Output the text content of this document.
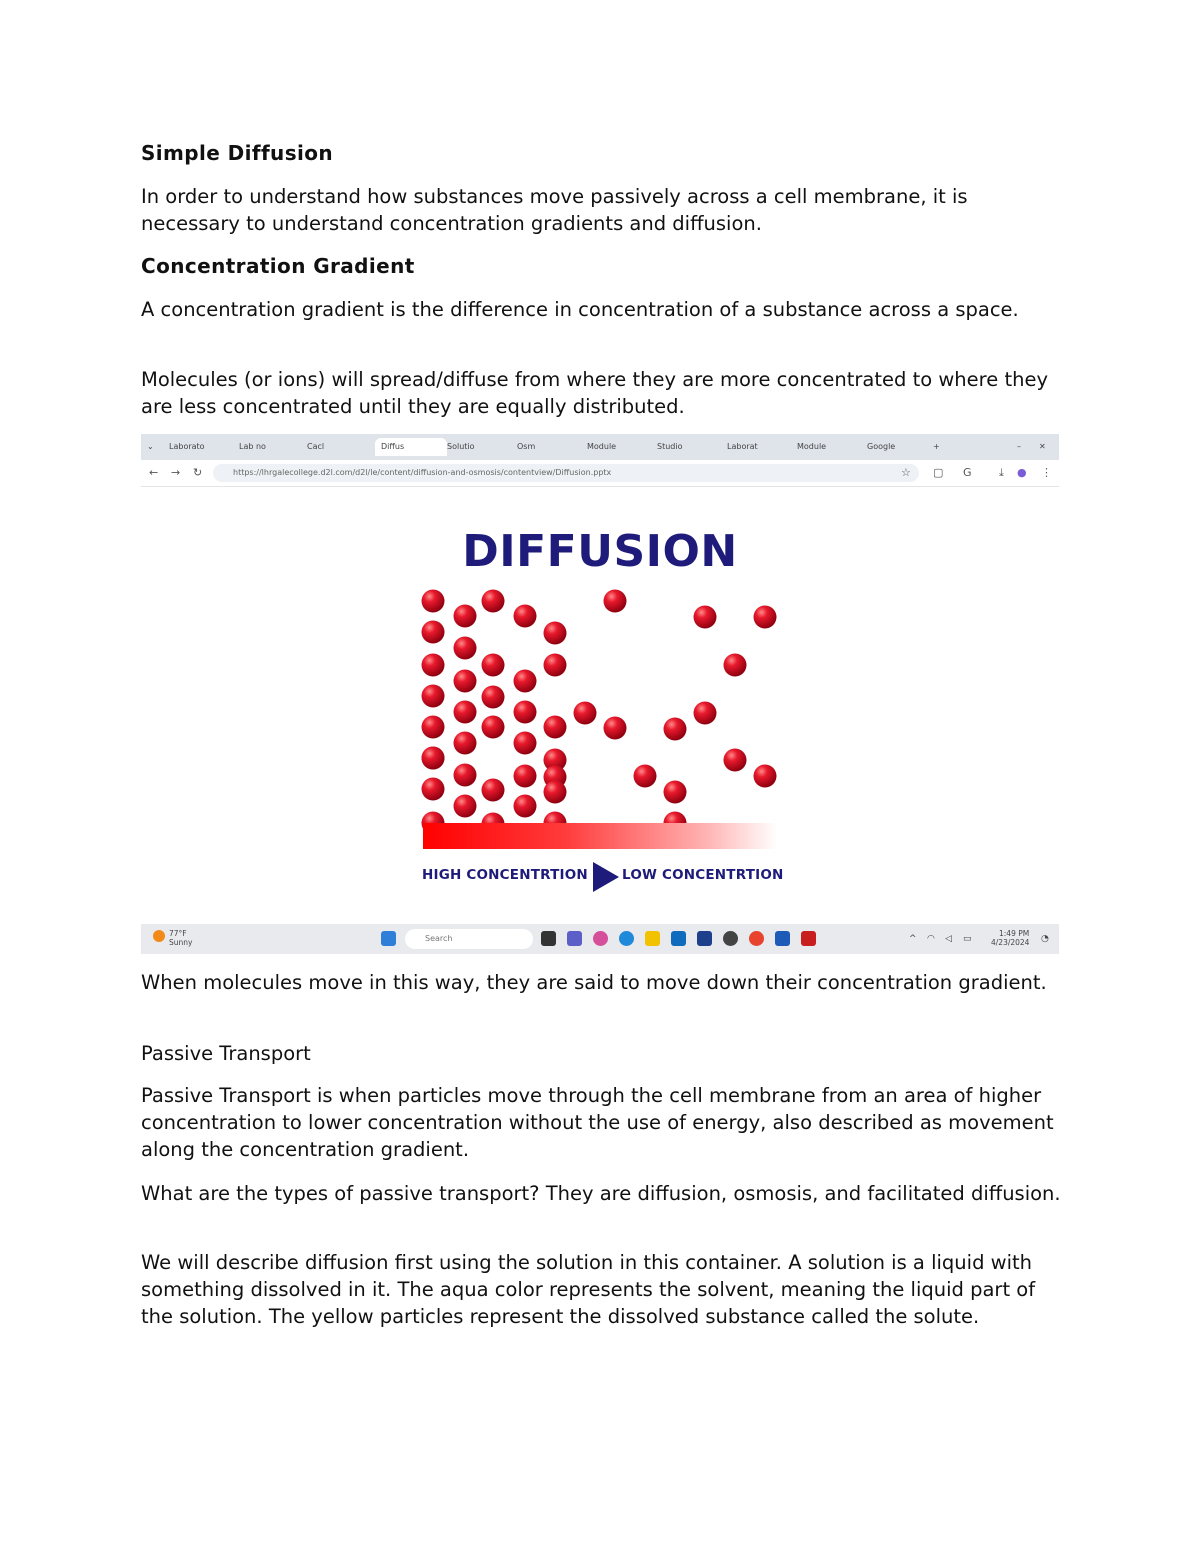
Simple Diffusion
In order to understand how substances move passively across a cell membrane, it is necessary to understand concentration gradients and diffusion.
Concentration Gradient
A concentration gradient is the difference in concentration of a substance across a space.
Molecules (or ions) will spread/diffuse from where they are more concentrated to where they are less concentrated until they are equally distributed.
⌄	Laborato	Lab no	Cacl	Diffus	Solutio	Osm	Module	Studio	Laborat	Module	Google	+	–	✕
← → ↻	https://lhrgalecollege.d2l.com/d2l/le/content/diffusion-and-osmosis/contentview/Diffusion.pptx	☆ ▢ G ⤓ ● ⋮
DIFFUSION
HIGH CONCENTRTION	LOW CONCENTRTION
77°F
Sunny	Search	^ ◠ ◁ ▭
1:49 PM
4/23/2024 ◔
When molecules move in this way, they are said to move down their concentration gradient.
Passive Transport
Passive Transport is when particles move through the cell membrane from an area of higher concentration to lower concentration without the use of energy, also described as movement along the concentration gradient.
What are the types of passive transport? They are diffusion, osmosis, and facilitated diffusion.
We will describe diffusion first using the solution in this container. A solution is a liquid with something dissolved in it. The aqua color represents the solvent, meaning the liquid part of the solution. The yellow particles represent the dissolved substance called the solute.
